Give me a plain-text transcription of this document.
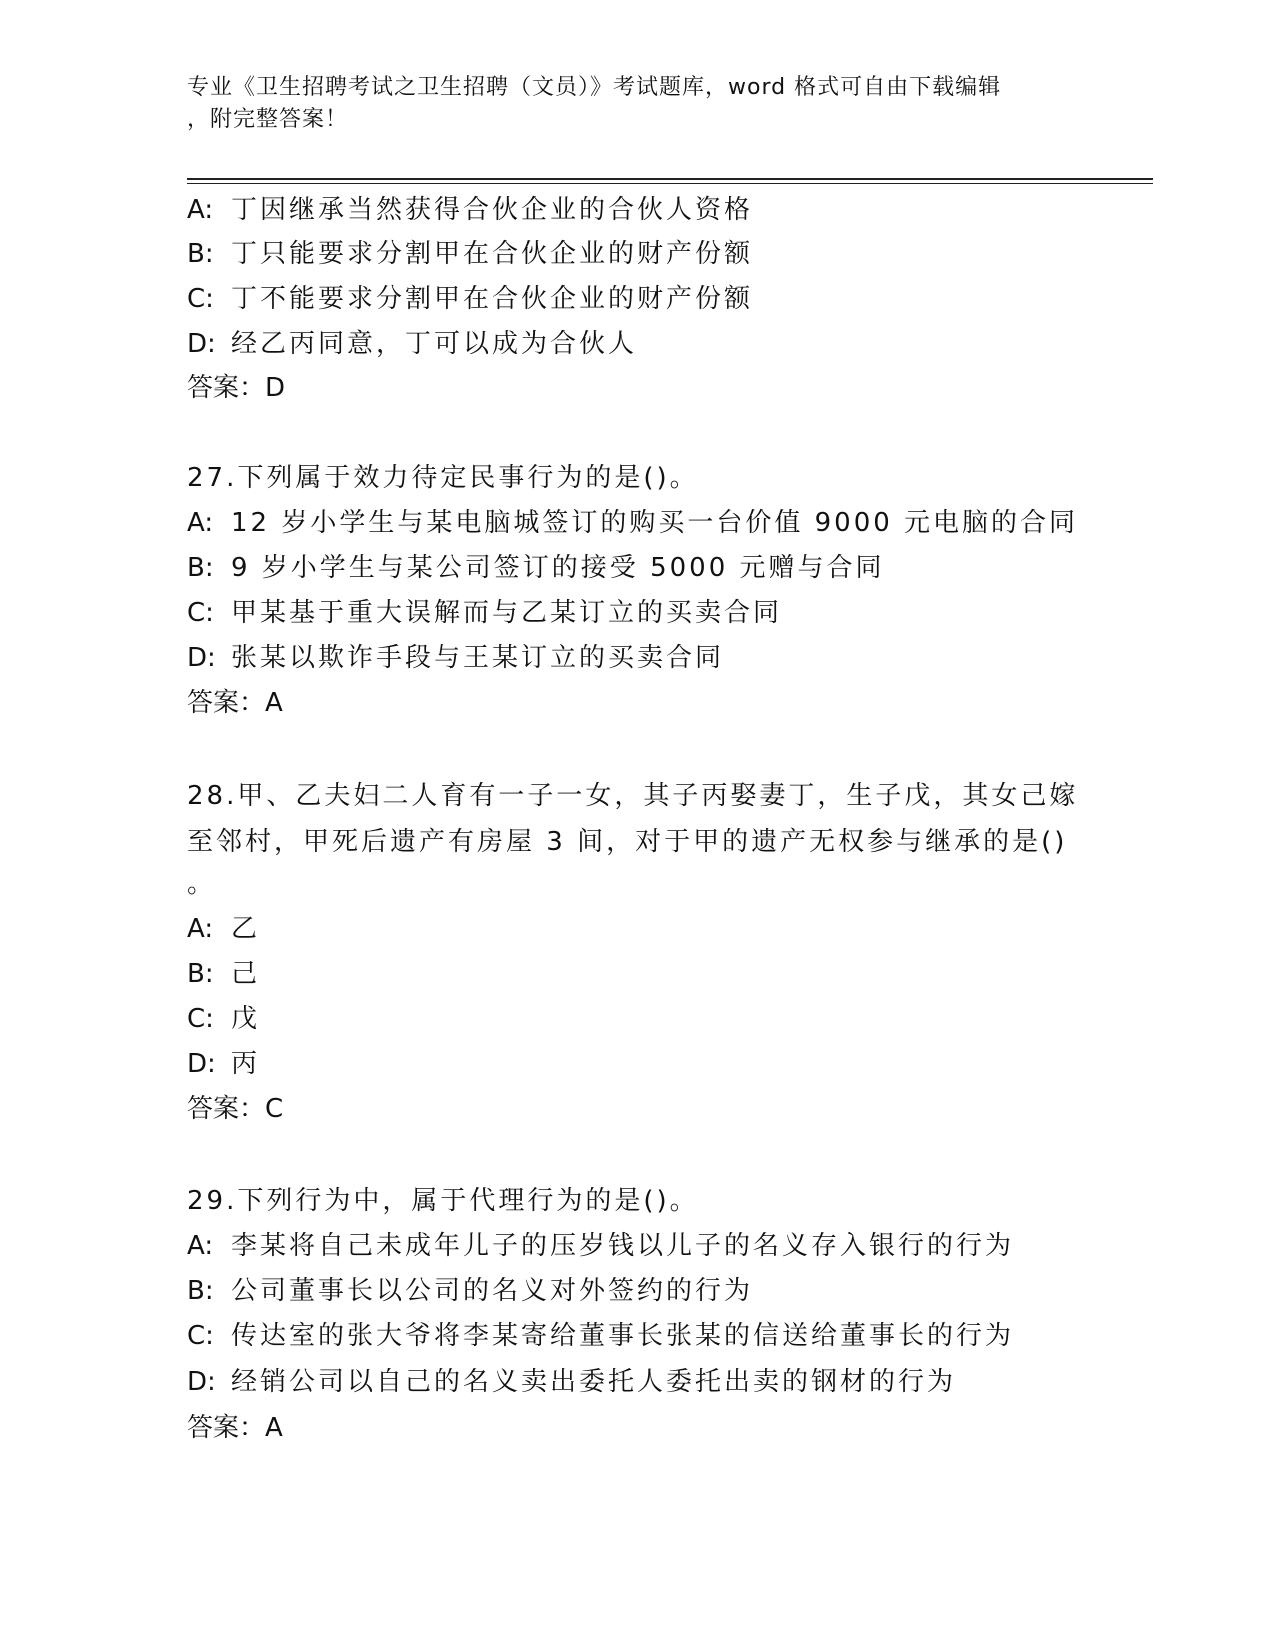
专业《卫生招聘考试之卫生招聘（文员）》考试题库，word 格式可自由下载编辑
，附完整答案！
A: 丁因继承当然获得合伙企业的合伙人资格
B: 丁只能要求分割甲在合伙企业的财产份额
C: 丁不能要求分割甲在合伙企业的财产份额
D: 经乙丙同意，丁可以成为合伙人
答案：D
27.下列属于效力待定民事行为的是()。
A: 12 岁小学生与某电脑城签订的购买一台价值 9000 元电脑的合同
B: 9 岁小学生与某公司签订的接受 5000 元赠与合同
C: 甲某基于重大误解而与乙某订立的买卖合同
D: 张某以欺诈手段与王某订立的买卖合同
答案：A
28.甲、乙夫妇二人育有一子一女，其子丙娶妻丁，生子戊，其女己嫁
至邻村，甲死后遗产有房屋 3 间，对于甲的遗产无权参与继承的是()
。
A: 乙
B: 己
C: 戊
D: 丙
答案：C
29.下列行为中，属于代理行为的是()。
A: 李某将自己未成年儿子的压岁钱以儿子的名义存入银行的行为
B: 公司董事长以公司的名义对外签约的行为
C: 传达室的张大爷将李某寄给董事长张某的信送给董事长的行为
D: 经销公司以自己的名义卖出委托人委托出卖的钢材的行为
答案：A
